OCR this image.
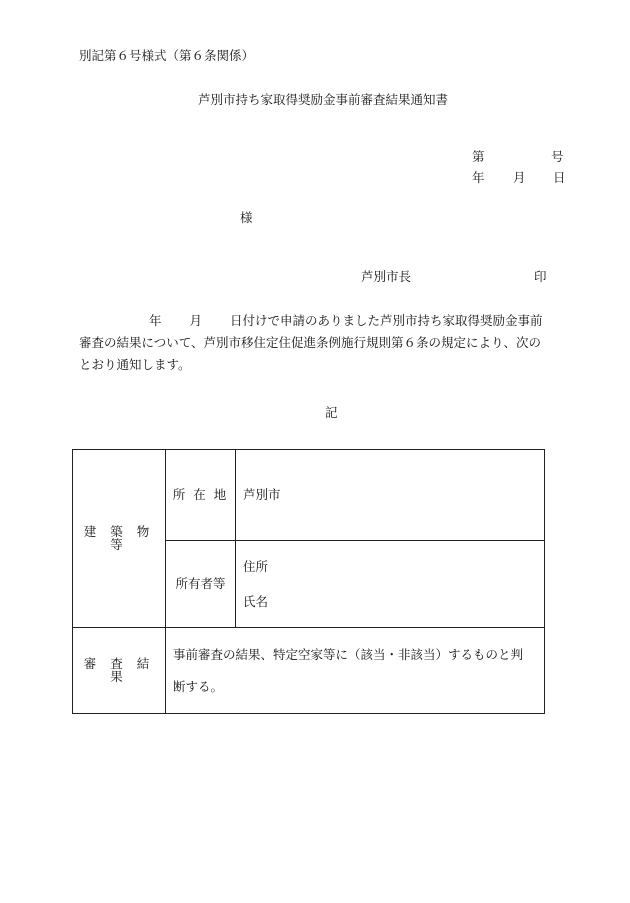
別記第６号様式（第６条関係）
芦別市持ち家取得奨励金事前審査結果通知書
第	号
年 月 日
様
芦別市長	印
年 月 日付けで申請のありました芦別市持ち家取得奨励金事前
審査の結果について、芦別市移住定住促進条例施行規則第６条の規定により、次の
とおり通知します。
記
建 築 物 等	所 在 地	芦別市

	所有者等	住所
氏名

審 査 結 果	事前審査の結果、特定空家等に（該当・非該当）するものと判
断する。	
